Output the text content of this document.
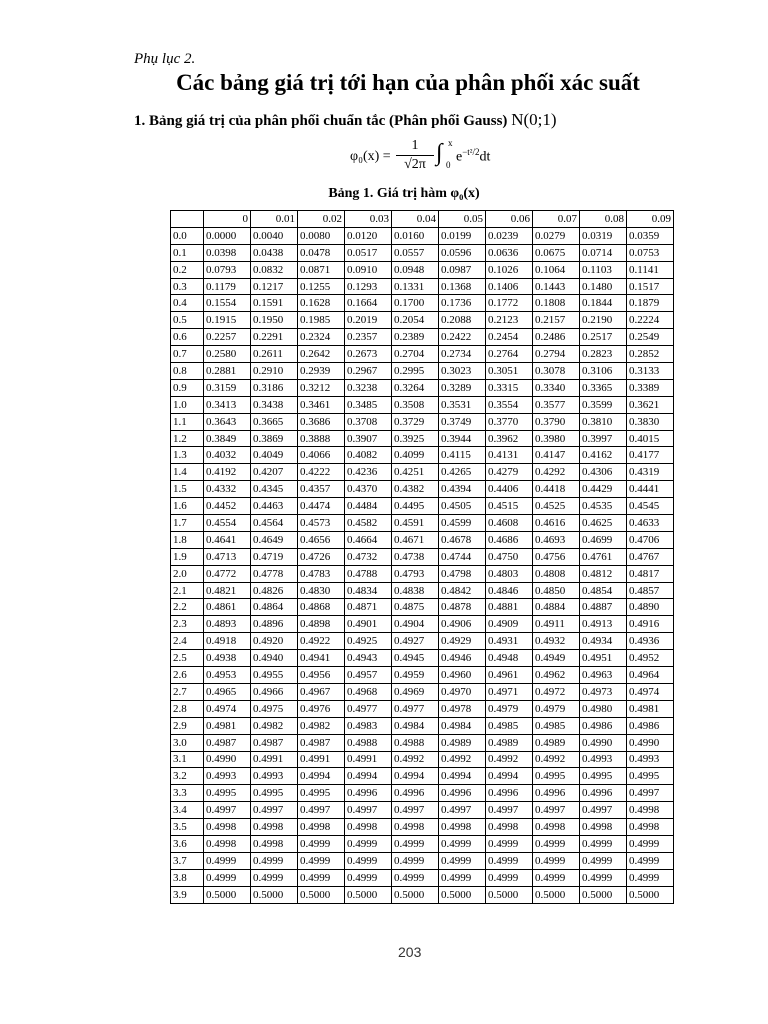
Phụ lục 2.
Các bảng giá trị tới hạn của phân phối xác suất
1. Bảng giá trị của phân phối chuẩn tắc (Phân phối Gauss) N(0;1)
φ₀(x) =
1
√2π ∫ x
0
$e^{-t^2/2}dt$
Bảng 1. Giá trị hàm φ₀(x)
	0	0.01	0.02	0.03	0.04	0.05	0.06	0.07	0.08	0.09
0.0	0.0000	0.0040	0.0080	0.0120	0.0160	0.0199	0.0239	0.0279	0.0319	0.0359
0.1	0.0398	0.0438	0.0478	0.0517	0.0557	0.0596	0.0636	0.0675	0.0714	0.0753
0.2	0.0793	0.0832	0.0871	0.0910	0.0948	0.0987	0.1026	0.1064	0.1103	0.1141
0.3	0.1179	0.1217	0.1255	0.1293	0.1331	0.1368	0.1406	0.1443	0.1480	0.1517
0.4	0.1554	0.1591	0.1628	0.1664	0.1700	0.1736	0.1772	0.1808	0.1844	0.1879
0.5	0.1915	0.1950	0.1985	0.2019	0.2054	0.2088	0.2123	0.2157	0.2190	0.2224
0.6	0.2257	0.2291	0.2324	0.2357	0.2389	0.2422	0.2454	0.2486	0.2517	0.2549
0.7	0.2580	0.2611	0.2642	0.2673	0.2704	0.2734	0.2764	0.2794	0.2823	0.2852
0.8	0.2881	0.2910	0.2939	0.2967	0.2995	0.3023	0.3051	0.3078	0.3106	0.3133
0.9	0.3159	0.3186	0.3212	0.3238	0.3264	0.3289	0.3315	0.3340	0.3365	0.3389
1.0	0.3413	0.3438	0.3461	0.3485	0.3508	0.3531	0.3554	0.3577	0.3599	0.3621
1.1	0.3643	0.3665	0.3686	0.3708	0.3729	0.3749	0.3770	0.3790	0.3810	0.3830
1.2	0.3849	0.3869	0.3888	0.3907	0.3925	0.3944	0.3962	0.3980	0.3997	0.4015
1.3	0.4032	0.4049	0.4066	0.4082	0.4099	0.4115	0.4131	0.4147	0.4162	0.4177
1.4	0.4192	0.4207	0.4222	0.4236	0.4251	0.4265	0.4279	0.4292	0.4306	0.4319
1.5	0.4332	0.4345	0.4357	0.4370	0.4382	0.4394	0.4406	0.4418	0.4429	0.4441
1.6	0.4452	0.4463	0.4474	0.4484	0.4495	0.4505	0.4515	0.4525	0.4535	0.4545
1.7	0.4554	0.4564	0.4573	0.4582	0.4591	0.4599	0.4608	0.4616	0.4625	0.4633
1.8	0.4641	0.4649	0.4656	0.4664	0.4671	0.4678	0.4686	0.4693	0.4699	0.4706
1.9	0.4713	0.4719	0.4726	0.4732	0.4738	0.4744	0.4750	0.4756	0.4761	0.4767
2.0	0.4772	0.4778	0.4783	0.4788	0.4793	0.4798	0.4803	0.4808	0.4812	0.4817
2.1	0.4821	0.4826	0.4830	0.4834	0.4838	0.4842	0.4846	0.4850	0.4854	0.4857
2.2	0.4861	0.4864	0.4868	0.4871	0.4875	0.4878	0.4881	0.4884	0.4887	0.4890
2.3	0.4893	0.4896	0.4898	0.4901	0.4904	0.4906	0.4909	0.4911	0.4913	0.4916
2.4	0.4918	0.4920	0.4922	0.4925	0.4927	0.4929	0.4931	0.4932	0.4934	0.4936
2.5	0.4938	0.4940	0.4941	0.4943	0.4945	0.4946	0.4948	0.4949	0.4951	0.4952
2.6	0.4953	0.4955	0.4956	0.4957	0.4959	0.4960	0.4961	0.4962	0.4963	0.4964
2.7	0.4965	0.4966	0.4967	0.4968	0.4969	0.4970	0.4971	0.4972	0.4973	0.4974
2.8	0.4974	0.4975	0.4976	0.4977	0.4977	0.4978	0.4979	0.4979	0.4980	0.4981
2.9	0.4981	0.4982	0.4982	0.4983	0.4984	0.4984	0.4985	0.4985	0.4986	0.4986
3.0	0.4987	0.4987	0.4987	0.4988	0.4988	0.4989	0.4989	0.4989	0.4990	0.4990
3.1	0.4990	0.4991	0.4991	0.4991	0.4992	0.4992	0.4992	0.4992	0.4993	0.4993
3.2	0.4993	0.4993	0.4994	0.4994	0.4994	0.4994	0.4994	0.4995	0.4995	0.4995
3.3	0.4995	0.4995	0.4995	0.4996	0.4996	0.4996	0.4996	0.4996	0.4996	0.4997
3.4	0.4997	0.4997	0.4997	0.4997	0.4997	0.4997	0.4997	0.4997	0.4997	0.4998
3.5	0.4998	0.4998	0.4998	0.4998	0.4998	0.4998	0.4998	0.4998	0.4998	0.4998
3.6	0.4998	0.4998	0.4999	0.4999	0.4999	0.4999	0.4999	0.4999	0.4999	0.4999
3.7	0.4999	0.4999	0.4999	0.4999	0.4999	0.4999	0.4999	0.4999	0.4999	0.4999
3.8	0.4999	0.4999	0.4999	0.4999	0.4999	0.4999	0.4999	0.4999	0.4999	0.4999
3.9	0.5000	0.5000	0.5000	0.5000	0.5000	0.5000	0.5000	0.5000	0.5000	0.5000
203
